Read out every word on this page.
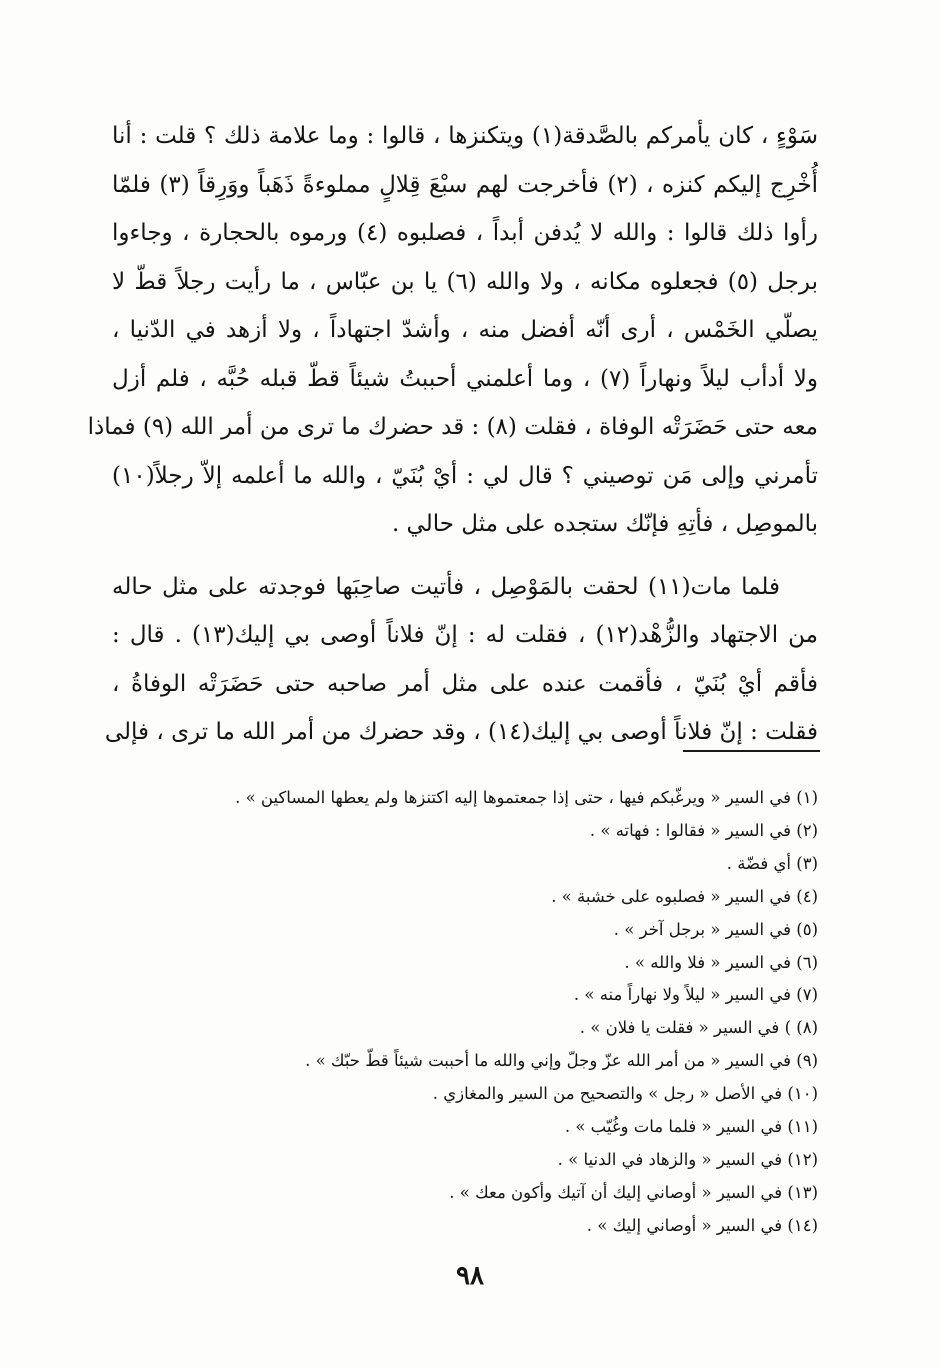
سَوْءٍ ، كان يأمركم بالصَّدقة(١) ويتكنزها ، قالوا : وما علامة ذلك ؟ قلت : أنا

أُخْرِج إليكم كنزه ، (٢) فأخرجت لهم سبْعَ قِلالٍ مملوءةً ذَهَباً ووَرِقاً (٣) فلمّا

رأوا ذلك قالوا : والله لا يُدفن أبداً ، فصلبوه (٤) ورموه بالحجارة ، وجاءوا

برجل (٥) فجعلوه مكانه ، ولا والله (٦) يا بن عبّاس ، ما رأيت رجلاً قطّ لا

يصلّي الخَمْس ، أرى أنّه أفضل منه ، وأشدّ اجتهاداً ، ولا أزهد في الدّنيا ،

ولا أدأب ليلاً ونهاراً (٧) ، وما أعلمني أحببتُ شيئاً قطّ قبله حُبَّه ، فلم أزل

معه حتى حَضَرَتْه الوفاة ، فقلت (٨) : قد حضرك ما ترى من أمر الله (٩) فماذا

تأمرني وإلى مَن توصيني ؟ قال لي : أيْ بُنَيّ ، والله ما أعلمه إلاّ رجلاً(١٠)

بالموصِل ، فأتِهِ فإنّك ستجده على مثل حالي .

فلما مات(١١) لحقت بالمَوْصِل ، فأتيت صاحِبَها فوجدته على مثل حاله

من الاجتهاد والزُّهْد(١٢) ، فقلت له : إنّ فلاناً أوصى بي إليك(١٣) . قال :

فأقم أيْ بُنَيّ ، فأقمت عنده على مثل أمر صاحبه حتى حَضَرَتْه الوفاةُ ،

فقلت : إنّ فلاناً أوصى بي إليك(١٤) ، وقد حضرك من أمر الله ما ترى ، فإلى

(١) في السير « ويرغّبكم فيها ، حتى إذا جمعتموها إليه اكتنزها ولم يعطها المساكين » .

(٢) في السير « فقالوا : فهاته » .

(٣) أي فضّة .

(٤) في السير « فصلبوه على خشبة » .

(٥) في السير « برجل آخر » .

(٦) في السير « فلا والله » .

(٧) في السير « ليلاً ولا نهاراً منه » .

(٨) ) في السير « فقلت يا فلان » .

(٩) في السير « من أمر الله عزّ وجلّ وإني والله ما أحببت شيئاً قطّ حبّك » .

(١٠) في الأصل « رجل » والتصحيح من السير والمغازي .

(١١) في السير « فلما مات وغُيّب » .

(١٢) في السير « والزهاد في الدنيا » .

(١٣) في السير « أوصاني إليك أن آتيك وأكون معك » .

(١٤) في السير « أوصاني إليك » .

٩٨
